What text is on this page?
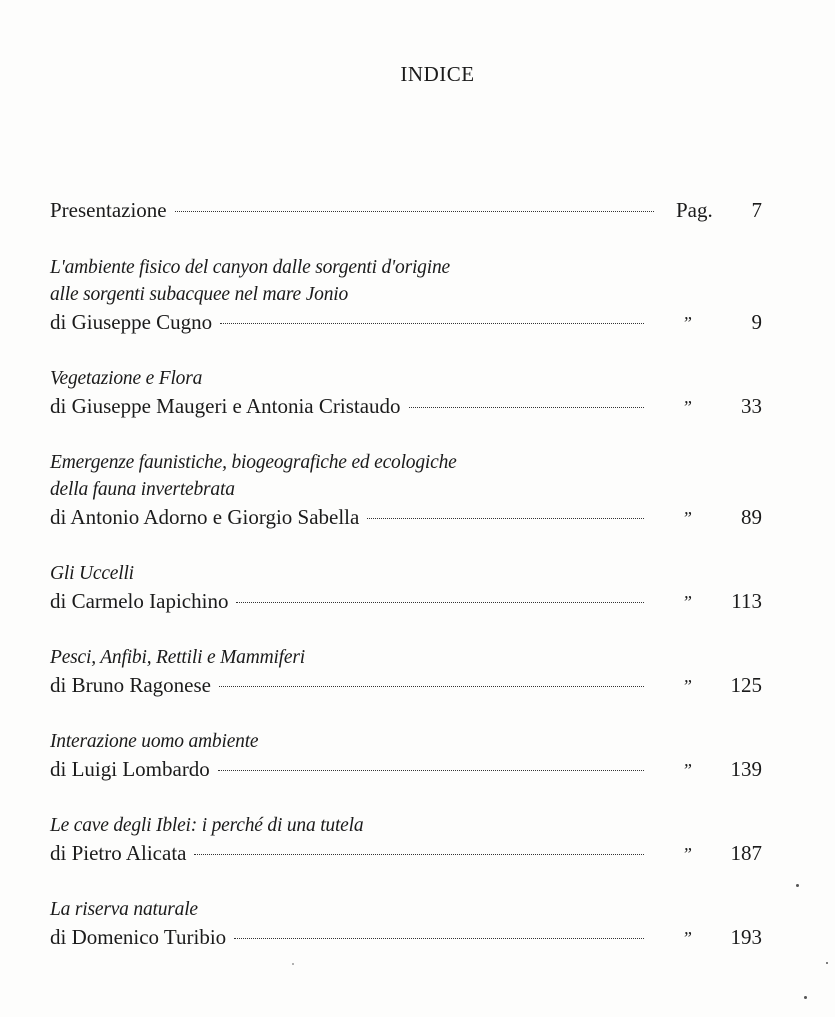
INDICE
Presentazione	Pag.	7
L'ambiente fisico del canyon dalle sorgenti d'origine
alle sorgenti subacquee nel mare Jonio
di Giuseppe Cugno	”	9
Vegetazione e Flora
di Giuseppe Maugeri e Antonia Cristaudo	”	33
Emergenze faunistiche, biogeografiche ed ecologiche
della fauna invertebrata
di Antonio Adorno e Giorgio Sabella	”	89
Gli Uccelli
di Carmelo Iapichino	”	113
Pesci, Anfibi, Rettili e Mammiferi
di Bruno Ragonese	”	125
Interazione uomo ambiente
di Luigi Lombardo	”	139
Le cave degli Iblei: i perché di una tutela
di Pietro Alicata	”	187
La riserva naturale
di Domenico Turibio	”	193
